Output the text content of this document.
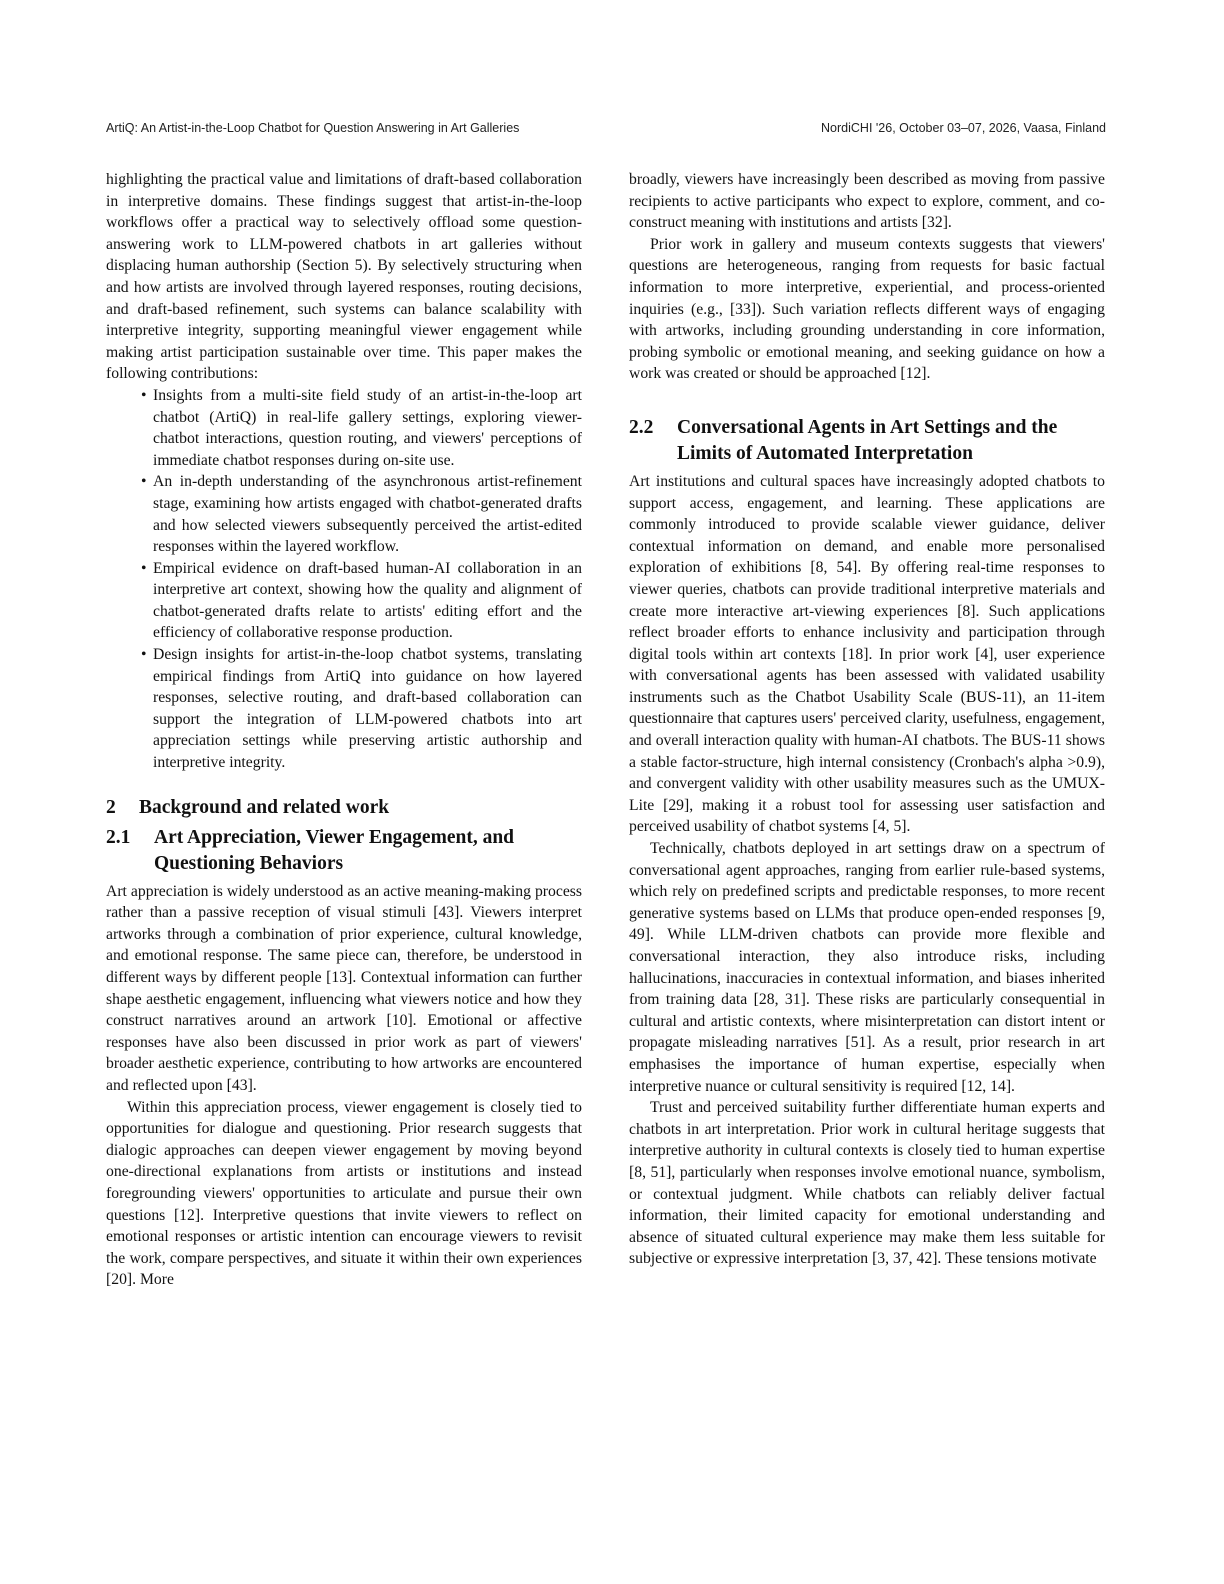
ArtiQ: An Artist-in-the-Loop Chatbot for Question Answering in Art Galleries	NordiCHI '26, October 03–07, 2026, Vaasa, Finland

highlighting the practical value and limitations of draft-based collaboration in interpretive domains. These findings suggest that artist-in-the-loop workflows offer a practical way to selectively offload some question-answering work to LLM-powered chatbots in art galleries without displacing human authorship (Section 5). By selectively structuring when and how artists are involved through layered responses, routing decisions, and draft-based refinement, such systems can balance scalability with interpretive integrity, supporting meaningful viewer engagement while making artist participation sustainable over time. This paper makes the following contributions:

• Insights from a multi-site field study of an artist-in-the-loop art chatbot (ArtiQ) in real-life gallery settings, exploring viewer-chatbot interactions, question routing, and viewers' perceptions of immediate chatbot responses during on-site use.
• An in-depth understanding of the asynchronous artist-refinement stage, examining how artists engaged with chatbot-generated drafts and how selected viewers subsequently perceived the artist-edited responses within the layered workflow.
• Empirical evidence on draft-based human-AI collaboration in an interpretive art context, showing how the quality and alignment of chatbot-generated drafts relate to artists' editing effort and the efficiency of collaborative response production.
• Design insights for artist-in-the-loop chatbot systems, translating empirical findings from ArtiQ into guidance on how layered responses, selective routing, and draft-based collaboration can support the integration of LLM-powered chatbots into art appreciation settings while preserving artistic authorship and interpretive integrity.
2	Background and related work
2.1	Art Appreciation, Viewer Engagement, and Questioning Behaviors

Art appreciation is widely understood as an active meaning-making process rather than a passive reception of visual stimuli [43]. Viewers interpret artworks through a combination of prior experience, cultural knowledge, and emotional response. The same piece can, therefore, be understood in different ways by different people [13]. Contextual information can further shape aesthetic engagement, influencing what viewers notice and how they construct narratives around an artwork [10]. Emotional or affective responses have also been discussed in prior work as part of viewers' broader aesthetic experience, contributing to how artworks are encountered and reflected upon [43].

Within this appreciation process, viewer engagement is closely tied to opportunities for dialogue and questioning. Prior research suggests that dialogic approaches can deepen viewer engagement by moving beyond one-directional explanations from artists or institutions and instead foregrounding viewers' opportunities to articulate and pursue their own questions [12]. Interpretive questions that invite viewers to reflect on emotional responses or artistic intention can encourage viewers to revisit the work, compare perspectives, and situate it within their own experiences [20]. More

broadly, viewers have increasingly been described as moving from passive recipients to active participants who expect to explore, comment, and co-construct meaning with institutions and artists [32].

Prior work in gallery and museum contexts suggests that viewers' questions are heterogeneous, ranging from requests for basic factual information to more interpretive, experiential, and process-oriented inquiries (e.g., [33]). Such variation reflects different ways of engaging with artworks, including grounding understanding in core information, probing symbolic or emotional meaning, and seeking guidance on how a work was created or should be approached [12].

2.2	Conversational Agents in Art Settings and the Limits of Automated Interpretation

Art institutions and cultural spaces have increasingly adopted chatbots to support access, engagement, and learning. These applications are commonly introduced to provide scalable viewer guidance, deliver contextual information on demand, and enable more personalised exploration of exhibitions [8, 54]. By offering real-time responses to viewer queries, chatbots can provide traditional interpretive materials and create more interactive art-viewing experiences [8]. Such applications reflect broader efforts to enhance inclusivity and participation through digital tools within art contexts [18]. In prior work [4], user experience with conversational agents has been assessed with validated usability instruments such as the Chatbot Usability Scale (BUS-11), an 11-item questionnaire that captures users' perceived clarity, usefulness, engagement, and overall interaction quality with human-AI chatbots. The BUS-11 shows a stable factor-structure, high internal consistency (Cronbach's alpha >0.9), and convergent validity with other usability measures such as the UMUX-Lite [29], making it a robust tool for assessing user satisfaction and perceived usability of chatbot systems [4, 5].

Technically, chatbots deployed in art settings draw on a spectrum of conversational agent approaches, ranging from earlier rule-based systems, which rely on predefined scripts and predictable responses, to more recent generative systems based on LLMs that produce open-ended responses [9, 49]. While LLM-driven chatbots can provide more flexible and conversational interaction, they also introduce risks, including hallucinations, inaccuracies in contextual information, and biases inherited from training data [28, 31]. These risks are particularly consequential in cultural and artistic contexts, where misinterpretation can distort intent or propagate misleading narratives [51]. As a result, prior research in art emphasises the importance of human expertise, especially when interpretive nuance or cultural sensitivity is required [12, 14].

Trust and perceived suitability further differentiate human experts and chatbots in art interpretation. Prior work in cultural heritage suggests that interpretive authority in cultural contexts is closely tied to human expertise [8, 51], particularly when responses involve emotional nuance, symbolism, or contextual judgment. While chatbots can reliably deliver factual information, their limited capacity for emotional understanding and absence of situated cultural experience may make them less suitable for subjective or expressive interpretation [3, 37, 42]. These tensions motivate
